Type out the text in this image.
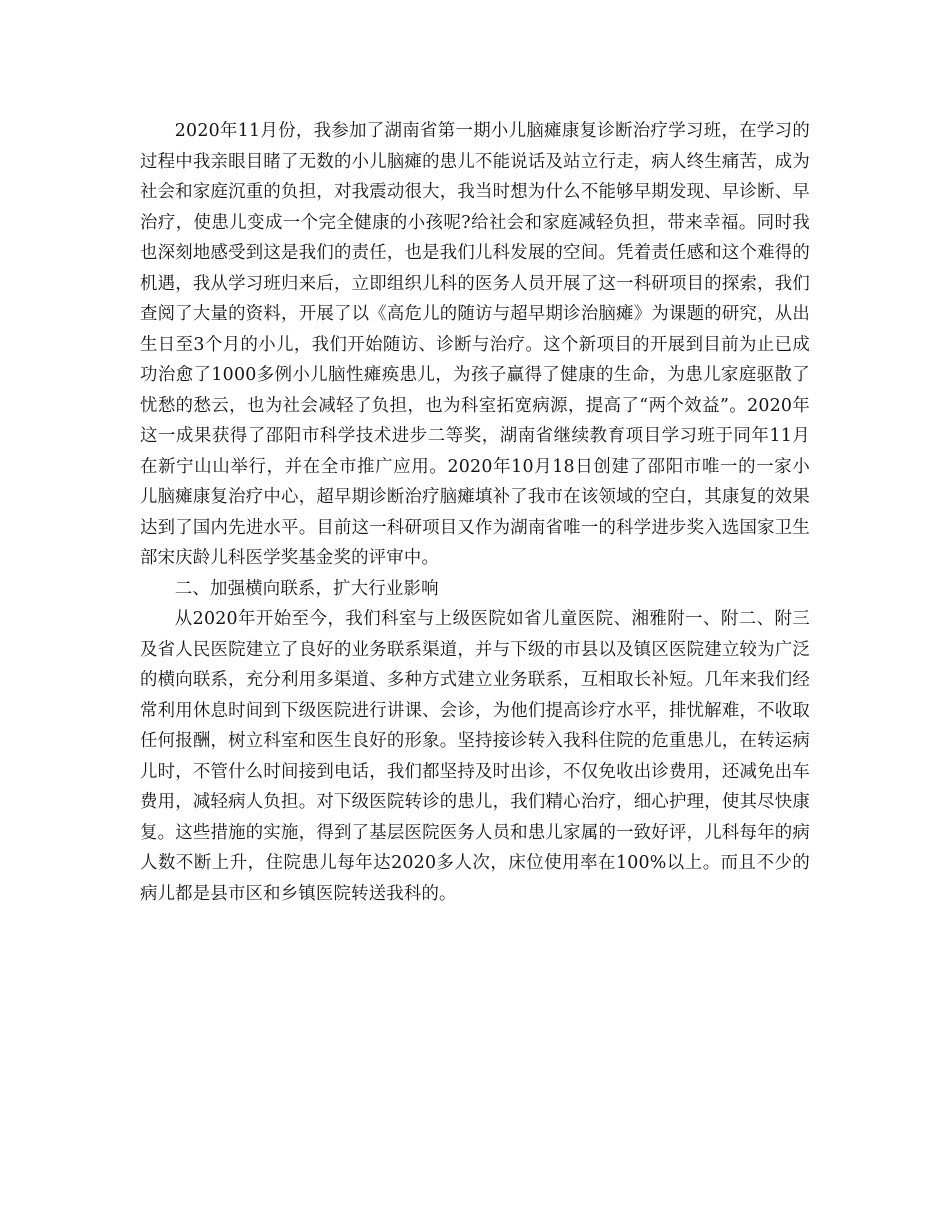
2020年11月份，我参加了湖南省第一期小儿脑瘫康复诊断治疗学习班，在学习的过程中我亲眼目睹了无数的小儿脑瘫的患儿不能说话及站立行走，病人终生痛苦，成为社会和家庭沉重的负担，对我震动很大，我当时想为什么不能够早期发现、早诊断、早治疗，使患儿变成一个完全健康的小孩呢?给社会和家庭减轻负担，带来幸福。同时我也深刻地感受到这是我们的责任，也是我们儿科发展的空间。凭着责任感和这个难得的机遇，我从学习班归来后，立即组织儿科的医务人员开展了这一科研项目的探索，我们查阅了大量的资料，开展了以《高危儿的随访与超早期诊治脑瘫》为课题的研究，从出生日至3个月的小儿，我们开始随访、诊断与治疗。这个新项目的开展到目前为止已成功治愈了1000多例小儿脑性瘫痪患儿，为孩子赢得了健康的生命，为患儿家庭驱散了忧愁的愁云，也为社会减轻了负担，也为科室拓宽病源，提高了“两个效益”。2020年这一成果获得了邵阳市科学技术进步二等奖，湖南省继续教育项目学习班于同年11月在新宁山山举行，并在全市推广应用。2020年10月18日创建了邵阳市唯一的一家小儿脑瘫康复治疗中心，超早期诊断治疗脑瘫填补了我市在该领域的空白，其康复的效果达到了国内先进水平。目前这一科研项目又作为湖南省唯一的科学进步奖入选国家卫生部宋庆龄儿科医学奖基金奖的评审中。

二、加强横向联系，扩大行业影响

从2020年开始至今，我们科室与上级医院如省儿童医院、湘雅附一、附二、附三及省人民医院建立了良好的业务联系渠道，并与下级的市县以及镇区医院建立较为广泛的横向联系，充分利用多渠道、多种方式建立业务联系，互相取长补短。几年来我们经常利用休息时间到下级医院进行讲课、会诊，为他们提高诊疗水平，排忧解难，不收取任何报酬，树立科室和医生良好的形象。坚持接诊转入我科住院的危重患儿，在转运病儿时，不管什么时间接到电话，我们都坚持及时出诊，不仅免收出诊费用，还减免出车费用，减轻病人负担。对下级医院转诊的患儿，我们精心治疗，细心护理，使其尽快康复。这些措施的实施，得到了基层医院医务人员和患儿家属的一致好评，儿科每年的病人数不断上升，住院患儿每年达2020多人次，床位使用率在100%以上。而且不少的病儿都是县市区和乡镇医院转送我科的。
